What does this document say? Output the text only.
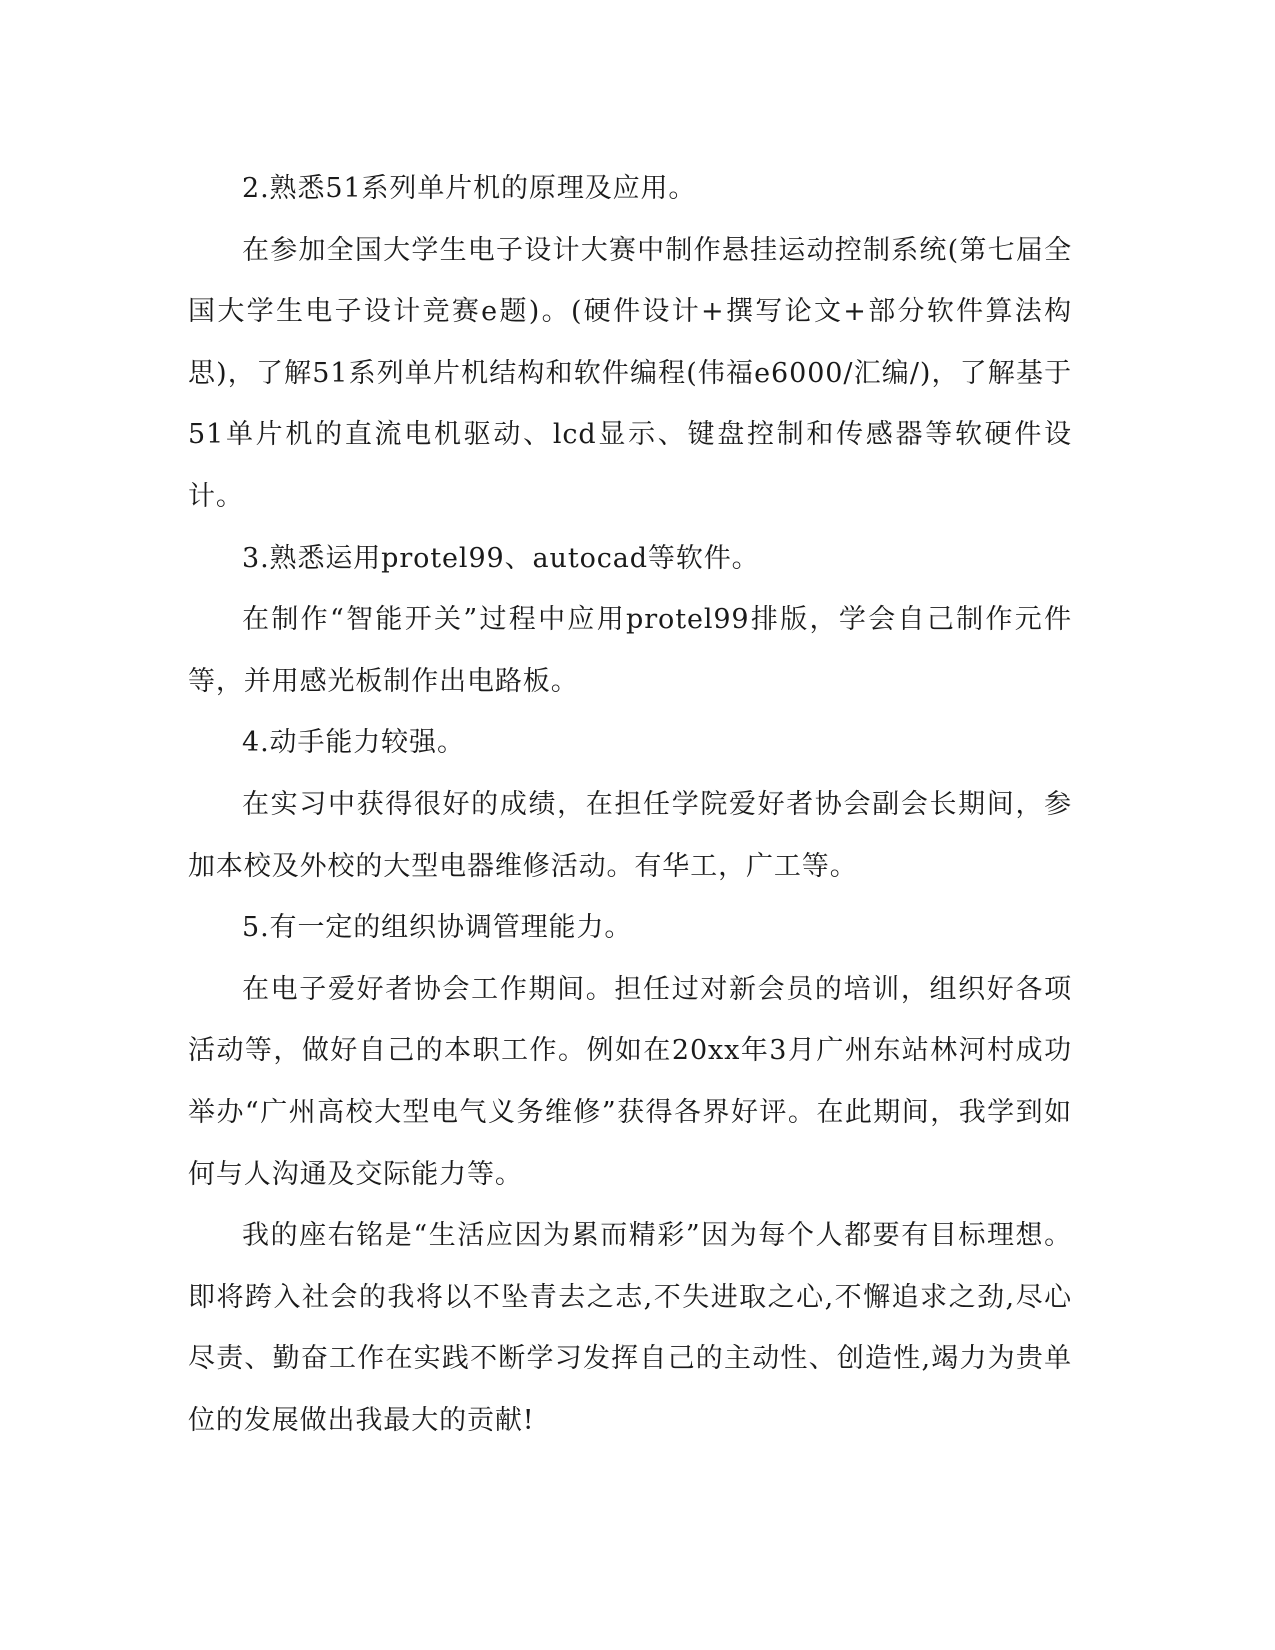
2.熟悉51系列单片机的原理及应用。

在参加全国大学生电子设计大赛中制作悬挂运动控制系统(第七届全国大学生电子设计竞赛e题)。(硬件设计+撰写论文+部分软件算法构思)，了解51系列单片机结构和软件编程(伟福e6000/汇编/)，了解基于51单片机的直流电机驱动、lcd显示、键盘控制和传感器等软硬件设计。

3.熟悉运用protel99、autocad等软件。

在制作“智能开关”过程中应用protel99排版，学会自己制作元件等，并用感光板制作出电路板。

4.动手能力较强。

在实习中获得很好的成绩，在担任学院爱好者协会副会长期间，参加本校及外校的大型电器维修活动。有华工，广工等。

5.有一定的组织协调管理能力。

在电子爱好者协会工作期间。担任过对新会员的培训，组织好各项活动等，做好自己的本职工作。例如在20xx年3月广州东站林河村成功举办“广州高校大型电气义务维修”获得各界好评。在此期间，我学到如何与人沟通及交际能力等。

我的座右铭是“生活应因为累而精彩”因为每个人都要有目标理想。即将跨入社会的我将以不坠青去之志,不失进取之心,不懈追求之劲,尽心尽责、勤奋工作在实践不断学习发挥自己的主动性、创造性,竭力为贵单位的发展做出我最大的贡献!
